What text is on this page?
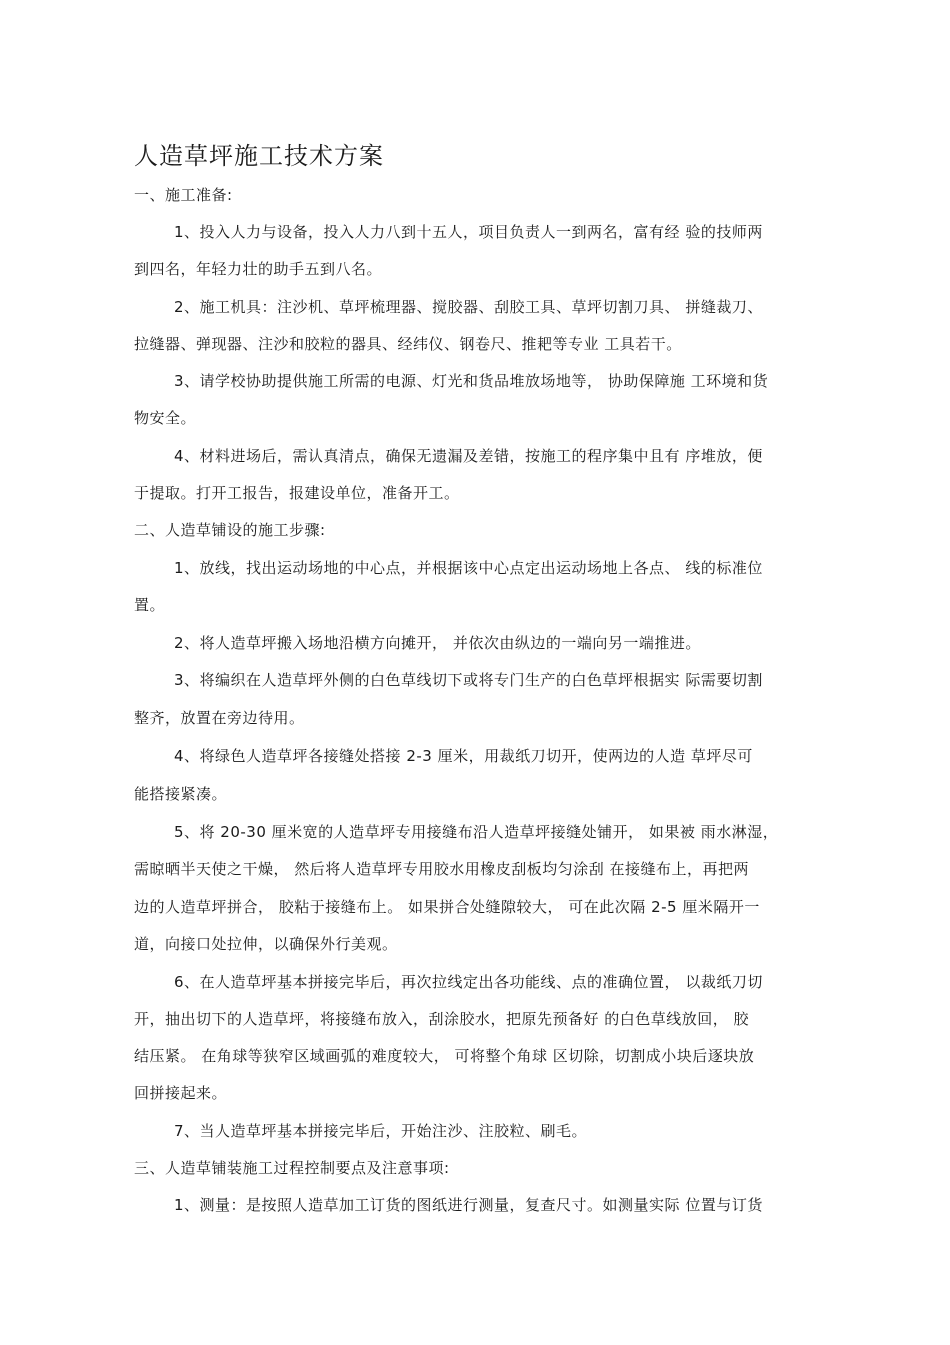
人造草坪施工技术方案
一、施工准备:
1、投入人力与设备，投入人力八到十五人，项目负责人一到两名，富有经 验的技师两
到四名，年轻力壮的助手五到八名。
2、施工机具：注沙机、草坪梳理器、搅胶器、刮胶工具、草坪切割刀具、 拼缝裁刀、
拉缝器、弹现器、注沙和胶粒的器具、经纬仪、钢卷尺、推耙等专业 工具若干。
3、请学校协助提供施工所需的电源、灯光和货品堆放场地等， 协助保障施 工环境和货
物安全。
4、材料进场后，需认真清点，确保无遗漏及差错，按施工的程序集中且有 序堆放，便
于提取。打开工报告，报建设单位，准备开工。
二、人造草铺设的施工步骤:
1、放线，找出运动场地的中心点，并根据该中心点定出运动场地上各点、 线的标准位
置。
2、将人造草坪搬入场地沿横方向摊开， 并依次由纵边的一端向另一端推进。
3、将编织在人造草坪外侧的白色草线切下或将专门生产的白色草坪根据实 际需要切割
整齐，放置在旁边待用。
4、将绿色人造草坪各接缝处搭接 2-3 厘米，用裁纸刀切开，使两边的人造 草坪尽可
能搭接紧凑。
5、将 20-30 厘米宽的人造草坪专用接缝布沿人造草坪接缝处铺开， 如果被 雨水淋湿，
需晾晒半天使之干燥， 然后将人造草坪专用胶水用橡皮刮板均匀涂刮 在接缝布上，再把两
边的人造草坪拼合， 胶粘于接缝布上。 如果拼合处缝隙较大， 可在此次隔 2-5 厘米隔开一
道，向接口处拉伸，以确保外行美观。
6、在人造草坪基本拼接完毕后，再次拉线定出各功能线、点的准确位置， 以裁纸刀切
开，抽出切下的人造草坪，将接缝布放入，刮涂胶水，把原先预备好 的白色草线放回， 胶
结压紧。 在角球等狭窄区域画弧的难度较大， 可将整个角球 区切除，切割成小块后逐块放
回拼接起来。
7、当人造草坪基本拼接完毕后，开始注沙、注胶粒、刷毛。
三、人造草铺装施工过程控制要点及注意事项:
1、测量：是按照人造草加工订货的图纸进行测量，复查尺寸。如测量实际 位置与订货
